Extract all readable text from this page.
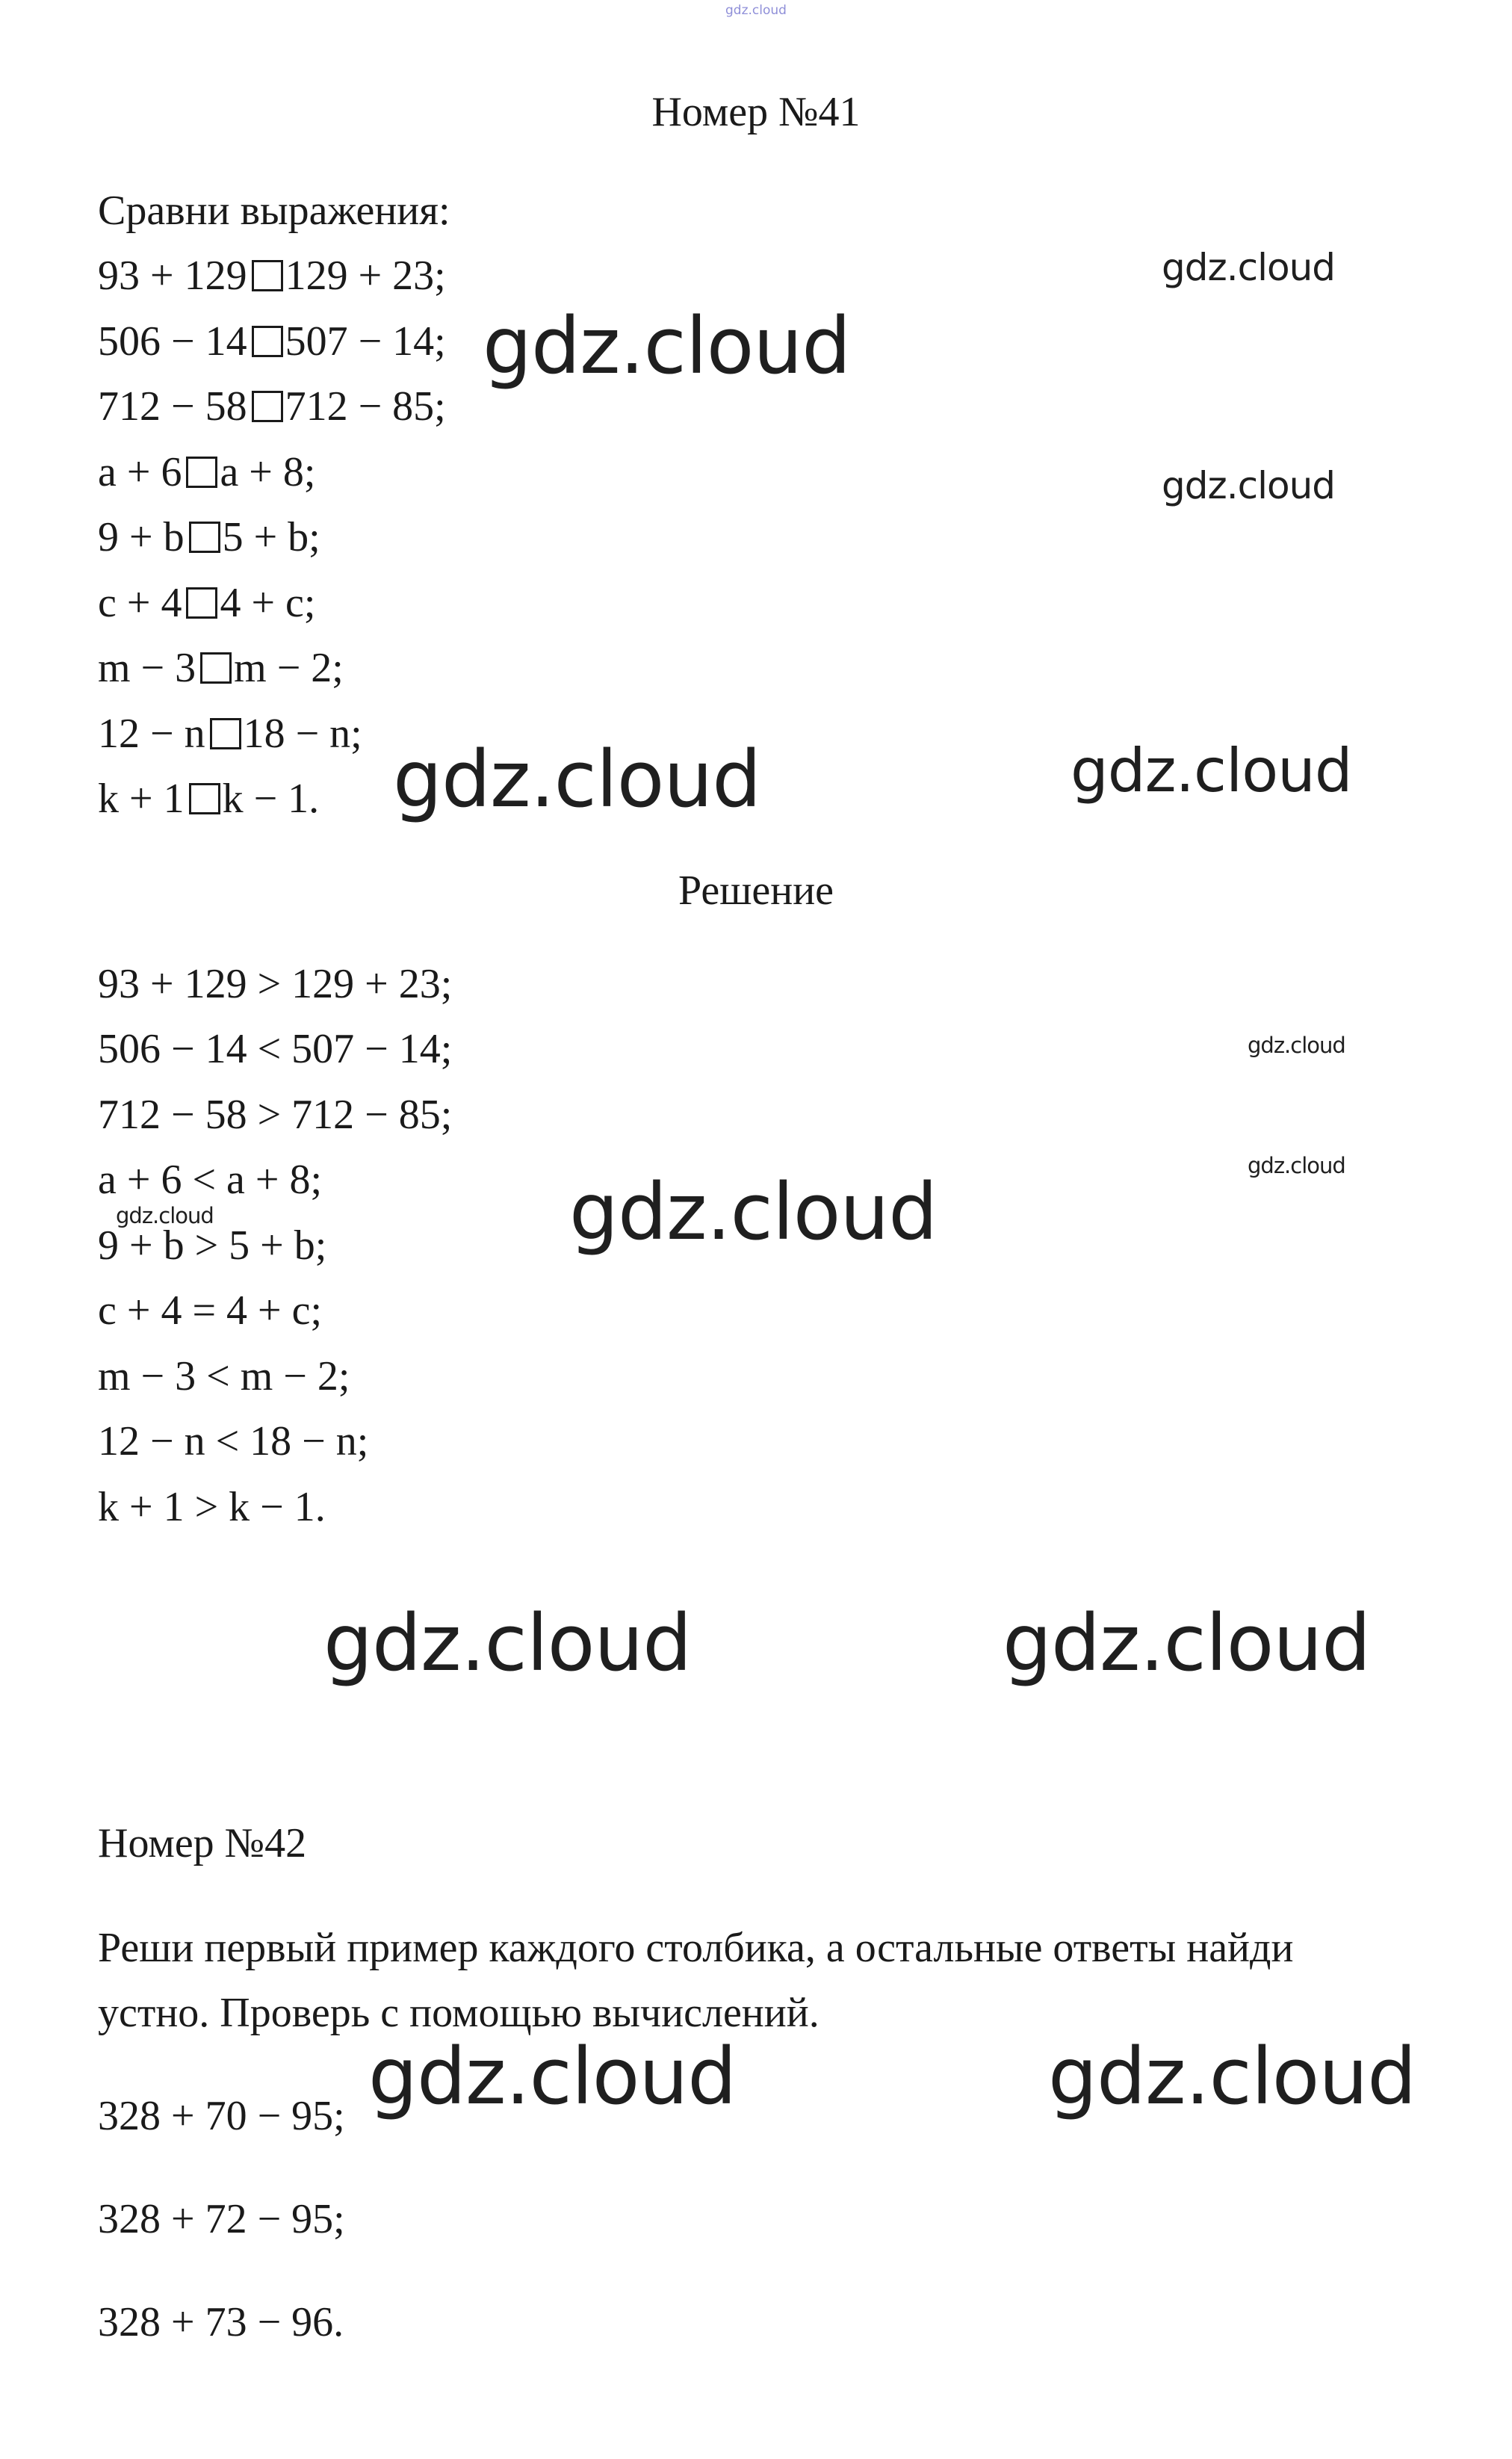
gdz.cloud
Номер №41
Сравни выражения:
93 + 129 129 + 23;
506 − 14 507 − 14;
712 − 58 712 − 85;
a + 6 a + 8;
9 + b 5 + b;
c + 4 4 + c;
m − 3 m − 2;
12 − n 18 − n;
k + 1 k − 1.
Решение
93 + 129 > 129 + 23;
506 − 14 < 507 − 14;
712 − 58 > 712 − 85;
a + 6 < a + 8;
9 + b > 5 + b;
c + 4 = 4 + c;
m − 3 < m − 2;
12 − n < 18 − n;
k + 1 > k − 1.
Номер №42
Реши первый пример каждого столбика, а остальные ответы найди
устно. Проверь с помощью вычислений.
328 + 70 − 95;
328 + 72 − 95;
328 + 73 − 96.
gdz.cloud
gdz.cloud
gdz.cloud
gdz.cloud	gdz.cloud
gdz.cloud
gdz.cloud
gdz.cloud
gdz.cloud
gdz.cloud	gdz.cloud
gdz.cloud	gdz.cloud
